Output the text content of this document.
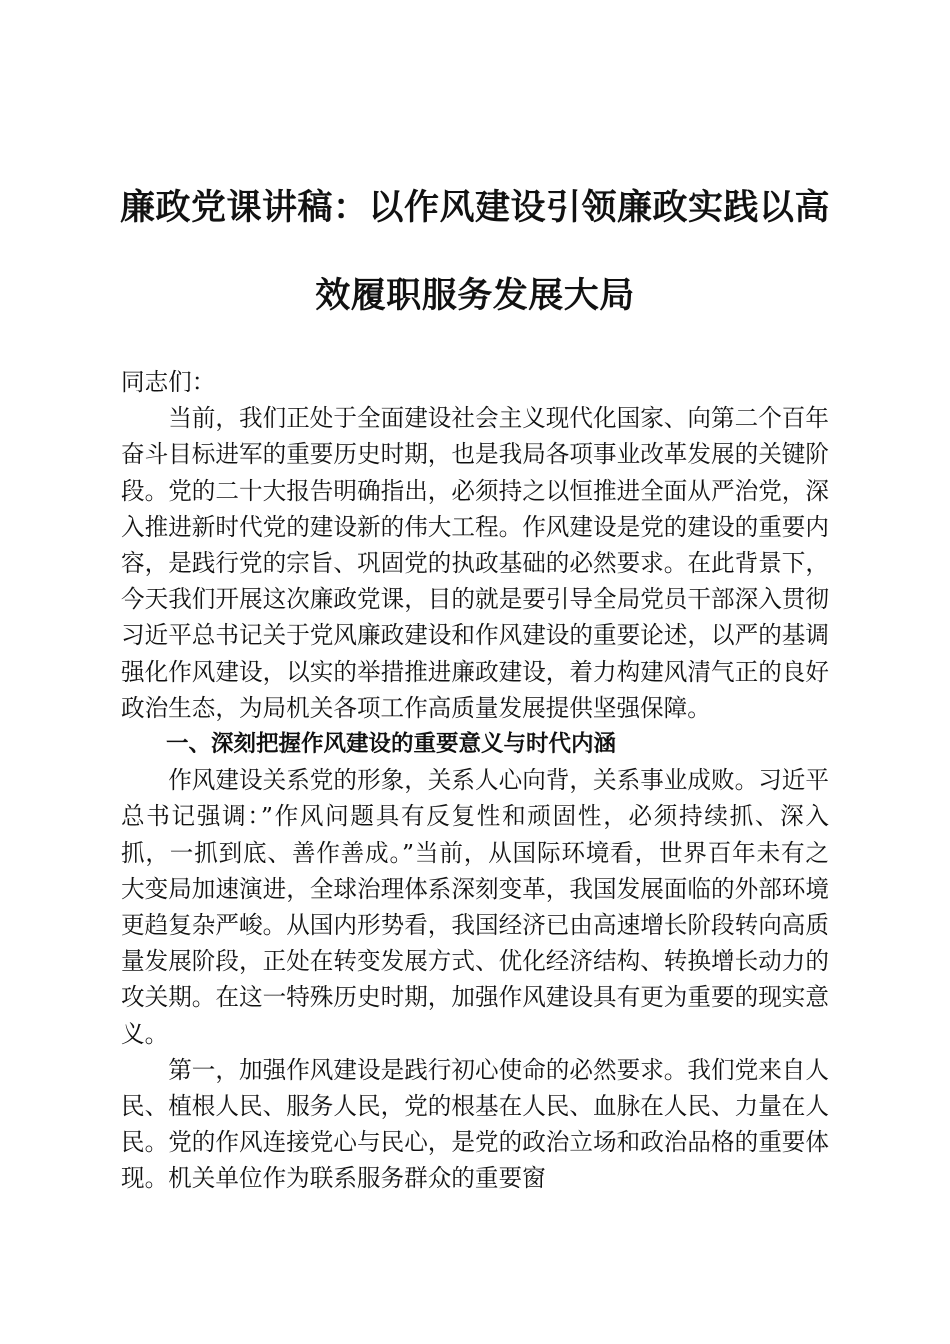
廉政党课讲稿：以作风建设引领廉政实践以高
效履职服务发展大局

同志们：

当前，我们正处于全面建设社会主义现代化国家、向第二个百年奋斗目标进军的重要历史时期，也是我局各项事业改革发展的关键阶段。党的二十大报告明确指出，必须持之以恒推进全面从严治党，深入推进新时代党的建设新的伟大工程。作风建设是党的建设的重要内容，是践行党的宗旨、巩固党的执政基础的必然要求。在此背景下，今天我们开展这次廉政党课，目的就是要引导全局党员干部深入贯彻习近平总书记关于党风廉政建设和作风建设的重要论述，以严的基调强化作风建设，以实的举措推进廉政建设，着力构建风清气正的良好政治生态，为局机关各项工作高质量发展提供坚强保障。

一、深刻把握作风建设的重要意义与时代内涵

作风建设关系党的形象，关系人心向背，关系事业成败。习近平总书记强调：”作风问题具有反复性和顽固性，必须持续抓、深入抓，一抓到底、善作善成。”当前，从国际环境看，世界百年未有之大变局加速演进，全球治理体系深刻变革，我国发展面临的外部环境更趋复杂严峻。从国内形势看，我国经济已由高速增长阶段转向高质量发展阶段，正处在转变发展方式、优化经济结构、转换增长动力的攻关期。在这一特殊历史时期，加强作风建设具有更为重要的现实意义。

第一，加强作风建设是践行初心使命的必然要求。我们党来自人民、植根人民、服务人民，党的根基在人民、血脉在人民、力量在人民。党的作风连接党心与民心，是党的政治立场和政治品格的重要体现。机关单位作为联系服务群众的重要窗
